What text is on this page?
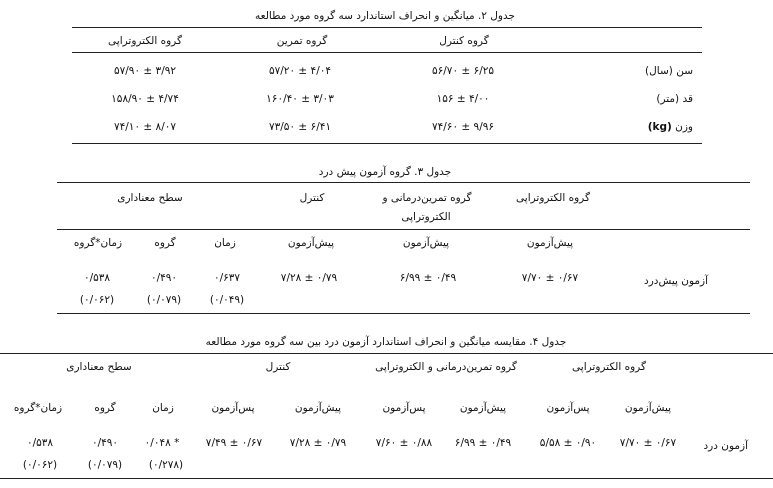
جدول ۲. میانگین و انحراف استاندارد سه گروه مورد مطالعه
گروه کنترل
گروه تمرین
گروه الکتروتراپی
سن (سال)
۵۶/۷۰ ± ۶/۲۵
۵۷/۲۰ ± ۴/۰۴
۵۷/۹۰ ± ۳/۹۲
قد (متر)
۱۵۶ ± ۴/۰۰
۱۶۰/۴۰ ± ۳/۰۳
۱۵۸/۹۰ ± ۴/۷۴
وزن (kg)
۷۴/۶۰ ± ۹/۹۶
۷۳/۵۰ ± ۶/۴۱
۷۴/۱۰ ± ۸/۰۷
جدول ۳. گروه آزمون پیش درد
گروه الکتروتراپی
گروه تمرین‌درمانی و
الکتروتراپی
کنترل
سطح معناداری
پیش‌آزمون
پیش‌آزمون
پیش‌آزمون
زمان
گروه
زمان*گروه
آزمون پیش‌درد
۷/۷۰ ± ۰/۶۷
۶/۹۹ ± ۰/۴۹
۷/۲۸ ± ۰/۷۹
۰/۶۳۷
(۰/۰۴۹)
۰/۴۹۰
(۰/۰۷۹)
۰/۵۳۸
(۰/۰۶۲)
جدول ۴. مقایسه میانگین و انحراف استاندارد آزمون درد بین سه گروه مورد مطالعه
گروه الکتروتراپی
گروه تمرین‌درمانی و الکتروتراپی
کنترل
سطح معناداری
پیش‌آزمون
پس‌آزمون
پیش‌آزمون
پس‌آزمون
پیش‌آزمون
پس‌آزمون
زمان
گروه
زمان*گروه
آزمون درد
۷/۷۰ ± ۰/۶۷
۵/۵۸ ± ۰/۹۰
۶/۹۹ ± ۰/۴۹
۷/۶۰ ± ۰/۸۸
۷/۲۸ ± ۰/۷۹
۷/۴۹ ± ۰/۶۷
۰/۰۴۸ *
(۰/۲۷۸)
۰/۴۹۰
(۰/۰۷۹)
۰/۵۳۸
(۰/۰۶۲)
